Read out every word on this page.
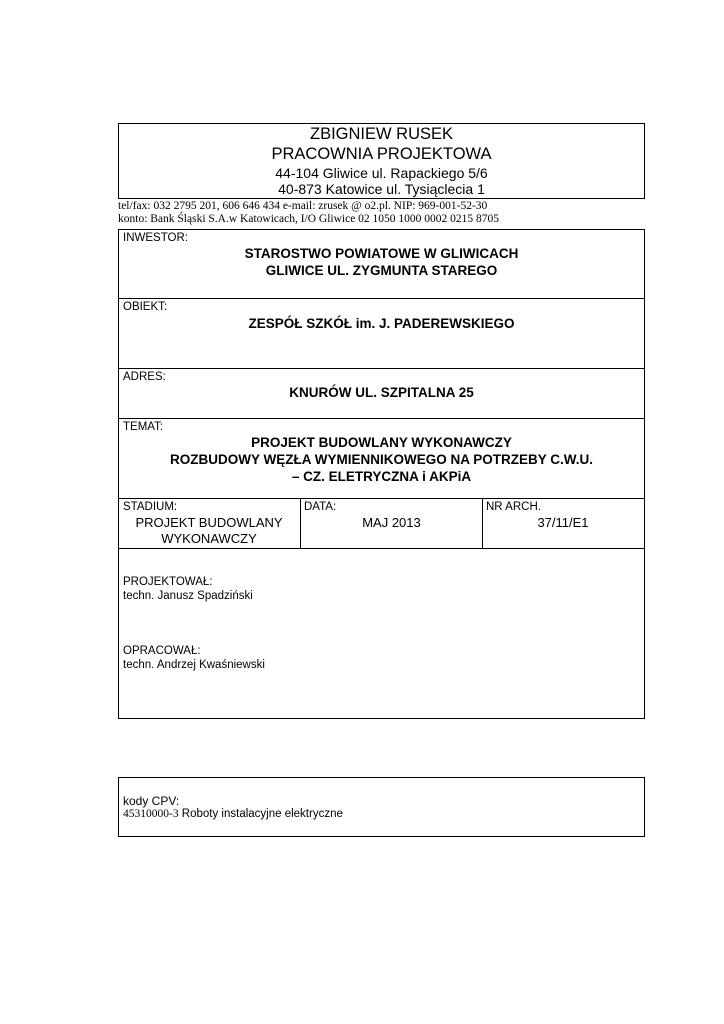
ZBIGNIEW RUSEK
PRACOWNIA PROJEKTOWA
44-104 Gliwice ul. Rapackiego 5/6
40-873 Katowice ul. Tysiąclecia 1
tel/fax: 032 2795 201, 606 646 434 e-mail: zrusek @ o2.pl. NIP: 969-001-52-30
konto: Bank Śląski S.A.w Katowicach, I/O Gliwice 02 1050 1000 0002 0215 8705
INWESTOR:
STAROSTWO POWIATOWE W GLIWICACH
GLIWICE UL. ZYGMUNTA STAREGO
OBIEKT:
ZESPÓŁ SZKÓŁ im. J. PADEREWSKIEGO
ADRES:
KNURÓW UL. SZPITALNA 25
TEMAT:
PROJEKT BUDOWLANY WYKONAWCZY
ROZBUDOWY WĘZŁA WYMIENNIKOWEGO NA POTRZEBY C.W.U.
– CZ. ELETRYCZNA i AKPiA
STADIUM:
PROJEKT BUDOWLANY
WYKONAWCZY
DATA:
MAJ 2013
NR ARCH.
37/11/E1
PROJEKTOWAŁ:
techn. Janusz Spadziński
OPRACOWAŁ:
techn. Andrzej Kwaśniewski
kody CPV:
45310000-3 Roboty instalacyjne elektryczne
